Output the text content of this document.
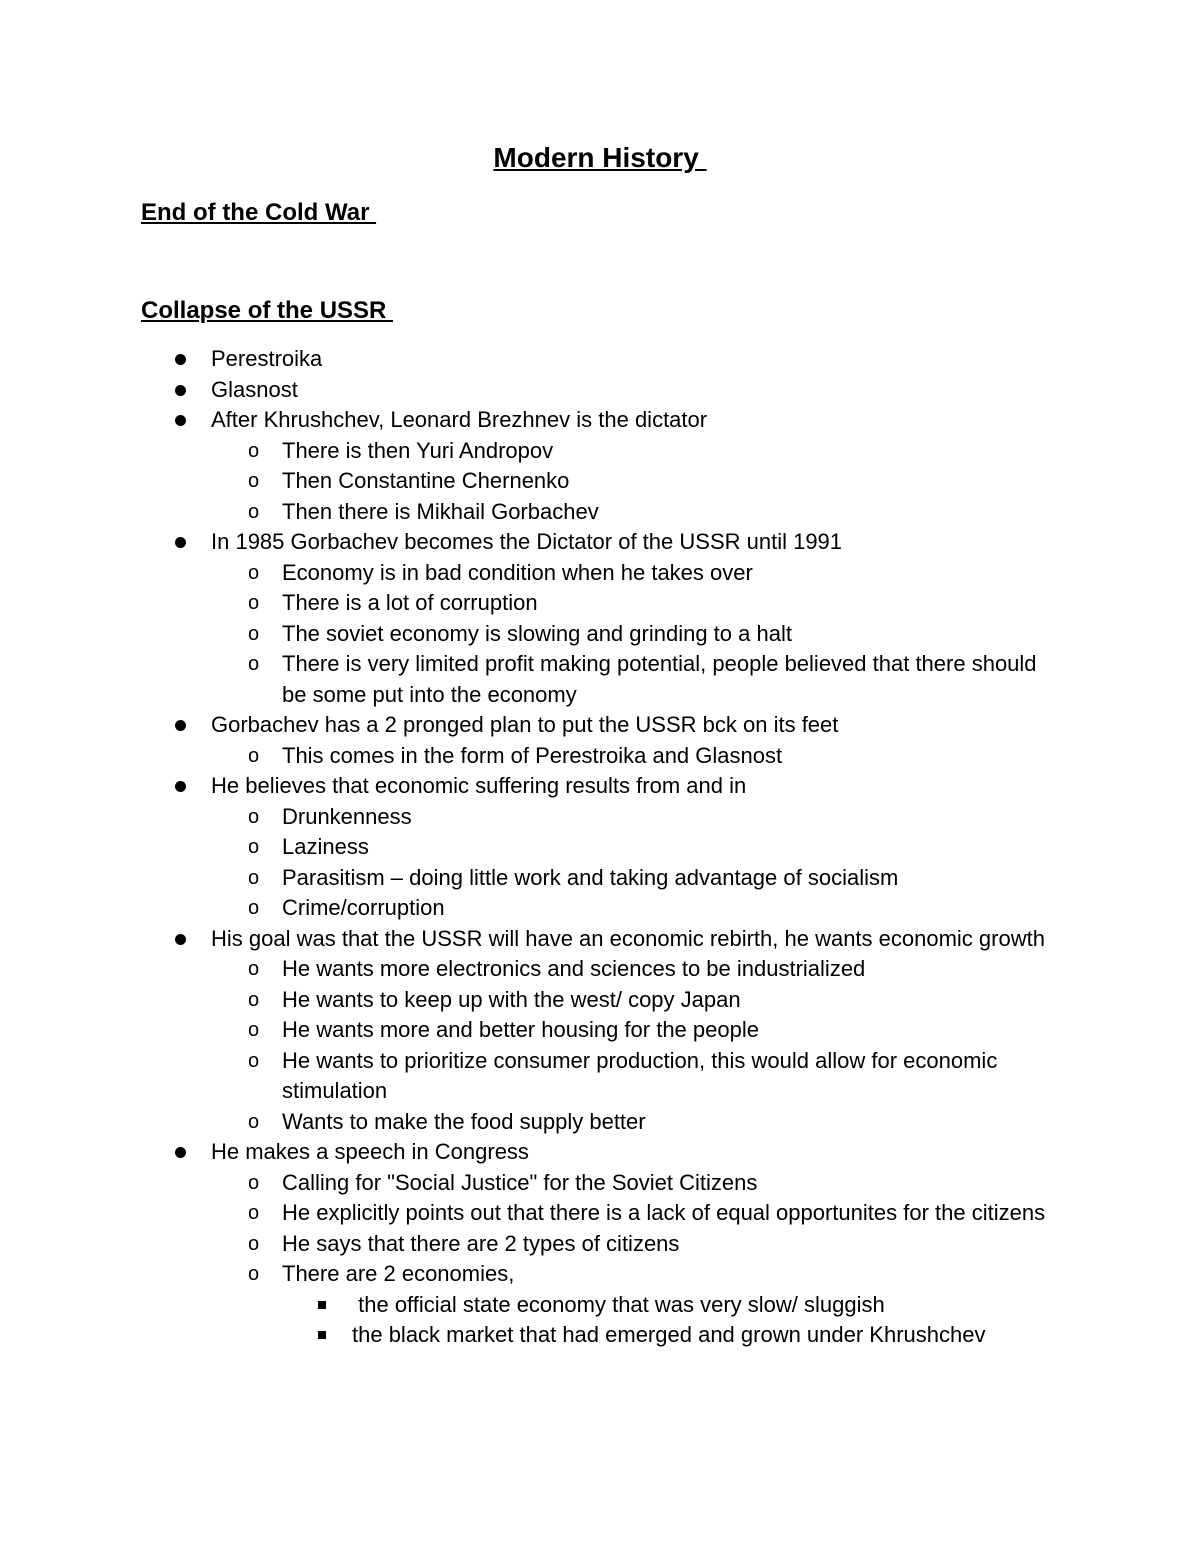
Modern History
End of the Cold War
Collapse of the USSR
Perestroika
Glasnost
After Khrushchev, Leonard Brezhnev is the dictator
o There is then Yuri Andropov
o Then Constantine Chernenko
o Then there is Mikhail Gorbachev
In 1985 Gorbachev becomes the Dictator of the USSR until 1991
o Economy is in bad condition when he takes over
o There is a lot of corruption
o The soviet economy is slowing and grinding to a halt
o There is very limited profit making potential, people believed that there should be some put into the economy
Gorbachev has a 2 pronged plan to put the USSR bck on its feet
o This comes in the form of Perestroika and Glasnost
He believes that economic suffering results from and in
o Drunkenness
o Laziness
o Parasitism – doing little work and taking advantage of socialism
o Crime/corruption
His goal was that the USSR will have an economic rebirth, he wants economic growth
o He wants more electronics and sciences to be industrialized
o He wants to keep up with the west/ copy Japan
o He wants more and better housing for the people
o He wants to prioritize consumer production, this would allow for economic stimulation
o Wants to make the food supply better
He makes a speech in Congress
o Calling for "Social Justice" for the Soviet Citizens
o He explicitly points out that there is a lack of equal opportunites for the citizens
o He says that there are 2 types of citizens
o There are 2 economies,
the official state economy that was very slow/ sluggish
the black market that had emerged and grown under Khrushchev
